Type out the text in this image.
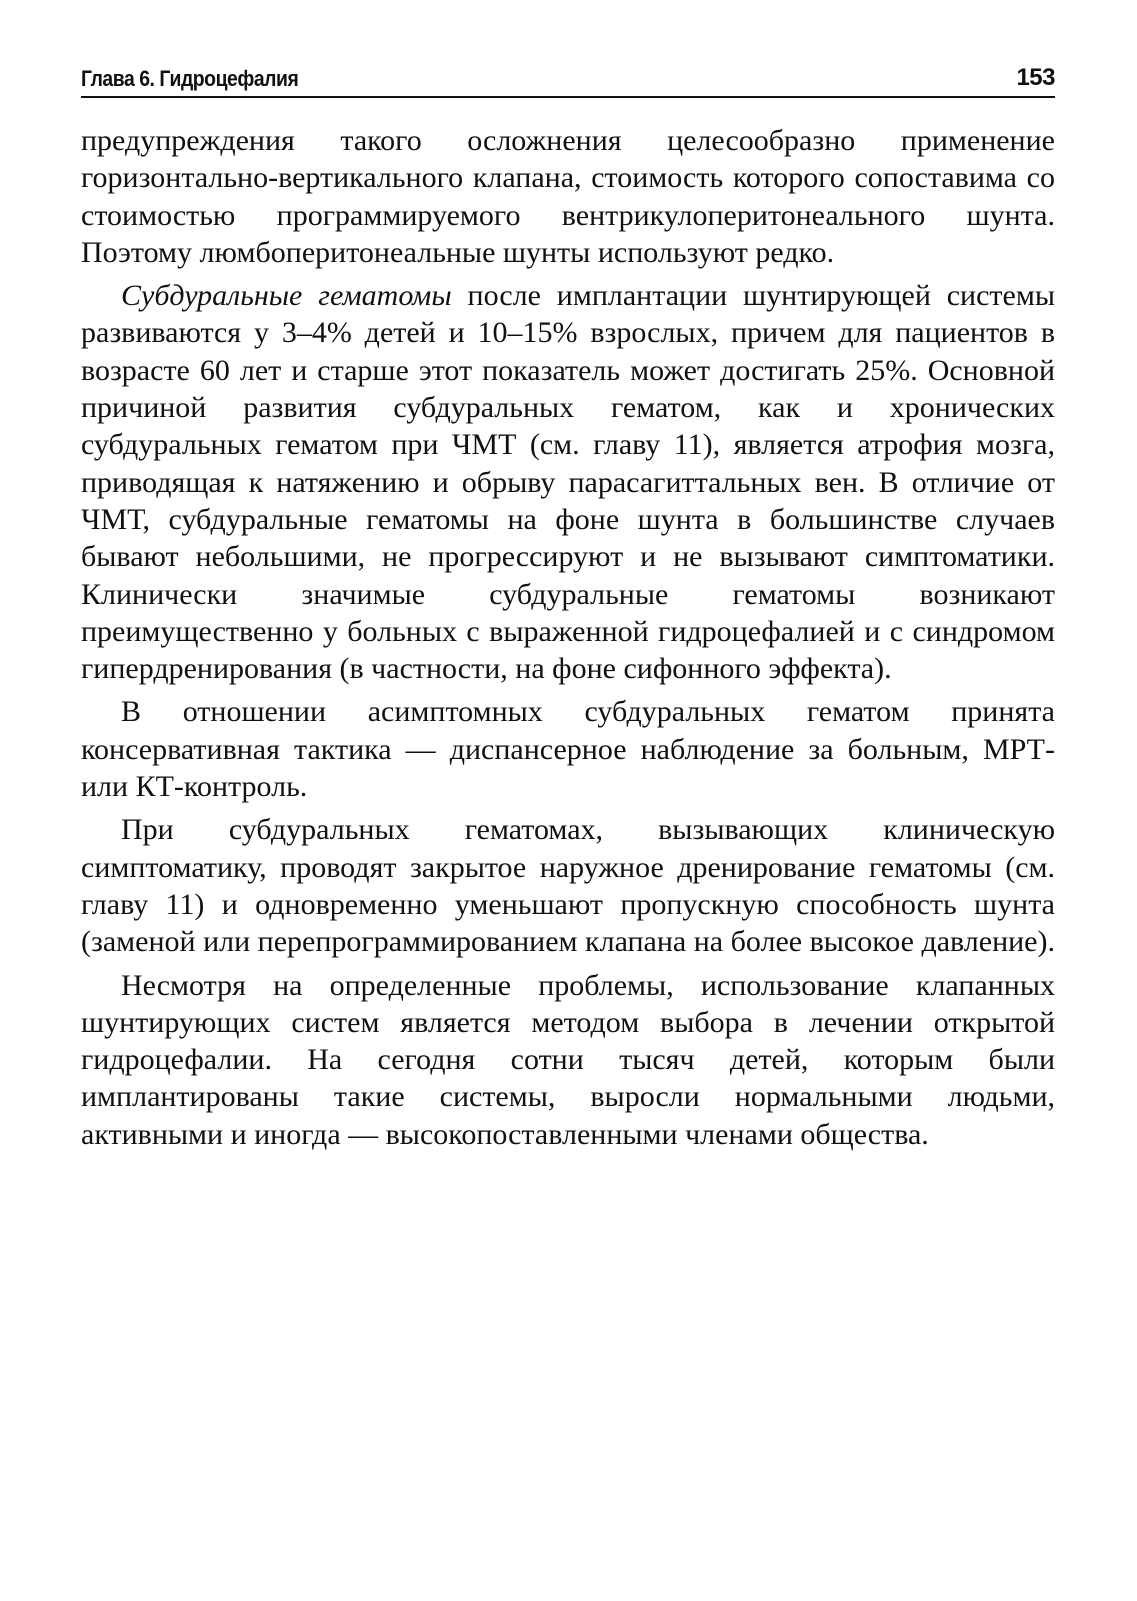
Глава 6. Гидроцефалия	153

предупреждения такого осложнения целесообразно применение горизонтально-вертикального клапана, стоимость которого сопоставима со стоимостью программируемого вентрикулоперитонеального шунта. Поэтому люмбоперитонеальные шунты используют редко.

Субдуральные гематомы после имплантации шунтирующей системы развиваются у 3–4% детей и 10–15% взрослых, причем для пациентов в возрасте 60 лет и старше этот показатель может достигать 25%. Основной причиной развития субдуральных гематом, как и хронических субдуральных гематом при ЧМТ (см. главу 11), является атрофия мозга, приводящая к натяжению и обрыву парасагиттальных вен. В отличие от ЧМТ, субдуральные гематомы на фоне шунта в большинстве случаев бывают небольшими, не прогрессируют и не вызывают симптоматики. Клинически значимые субдуральные гематомы возникают преимущественно у больных с выраженной гидроцефалией и с синдромом гипердренирования (в частности, на фоне сифонного эффекта).

В отношении асимптомных субдуральных гематом принята консервативная тактика — диспансерное наблюдение за больным, МРТ- или КТ-контроль.

При субдуральных гематомах, вызывающих клиническую симптоматику, проводят закрытое наружное дренирование гематомы (см. главу 11) и одновременно уменьшают пропускную способность шунта (заменой или перепрограммированием клапана на более высокое давление).

Несмотря на определенные проблемы, использование клапанных шунтирующих систем является методом выбора в лечении открытой гидроцефалии. На сегодня сотни тысяч детей, которым были имплантированы такие системы, выросли нормальными людьми, активными и иногда — высокопоставленными членами общества.
